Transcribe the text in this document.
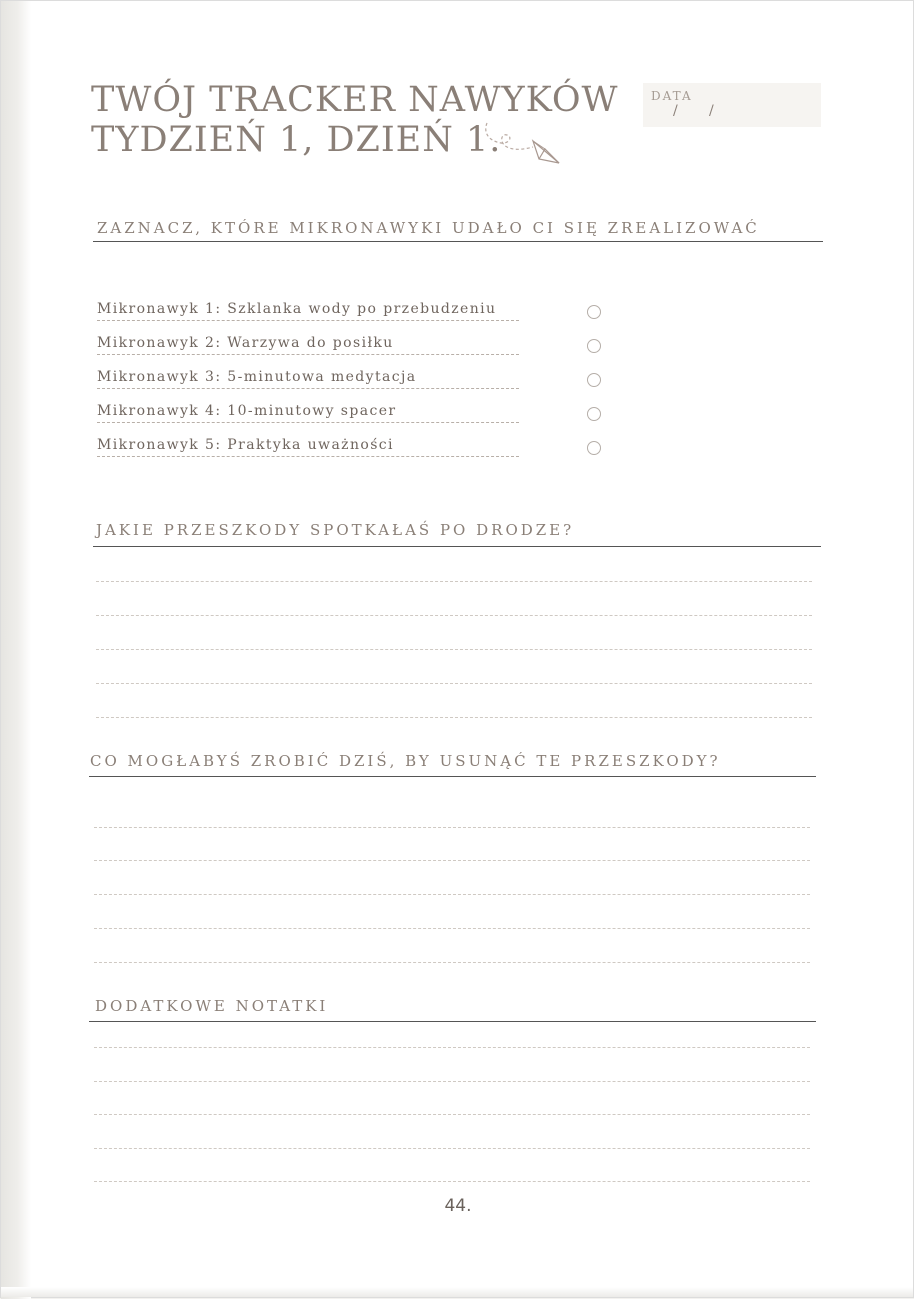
TWÓJ TRACKER NAWYKÓW
TYDZIEŃ 1, DZIEŃ 1.
DATA
/ /
ZAZNACZ, KTÓRE MIKRONAWYKI UDAŁO CI SIĘ ZREALIZOWAĆ
Mikronawyk 1: Szklanka wody po przebudzeniu
Mikronawyk 2: Warzywa do posiłku
Mikronawyk 3: 5-minutowa medytacja
Mikronawyk 4: 10-minutowy spacer
Mikronawyk 5: Praktyka uważności
JAKIE PRZESZKODY SPOTKAŁAŚ PO DRODZE?
CO MOGŁABYŚ ZROBIĆ DZIŚ, BY USUNĄĆ TE PRZESZKODY?
DODATKOWE NOTATKI
44.
